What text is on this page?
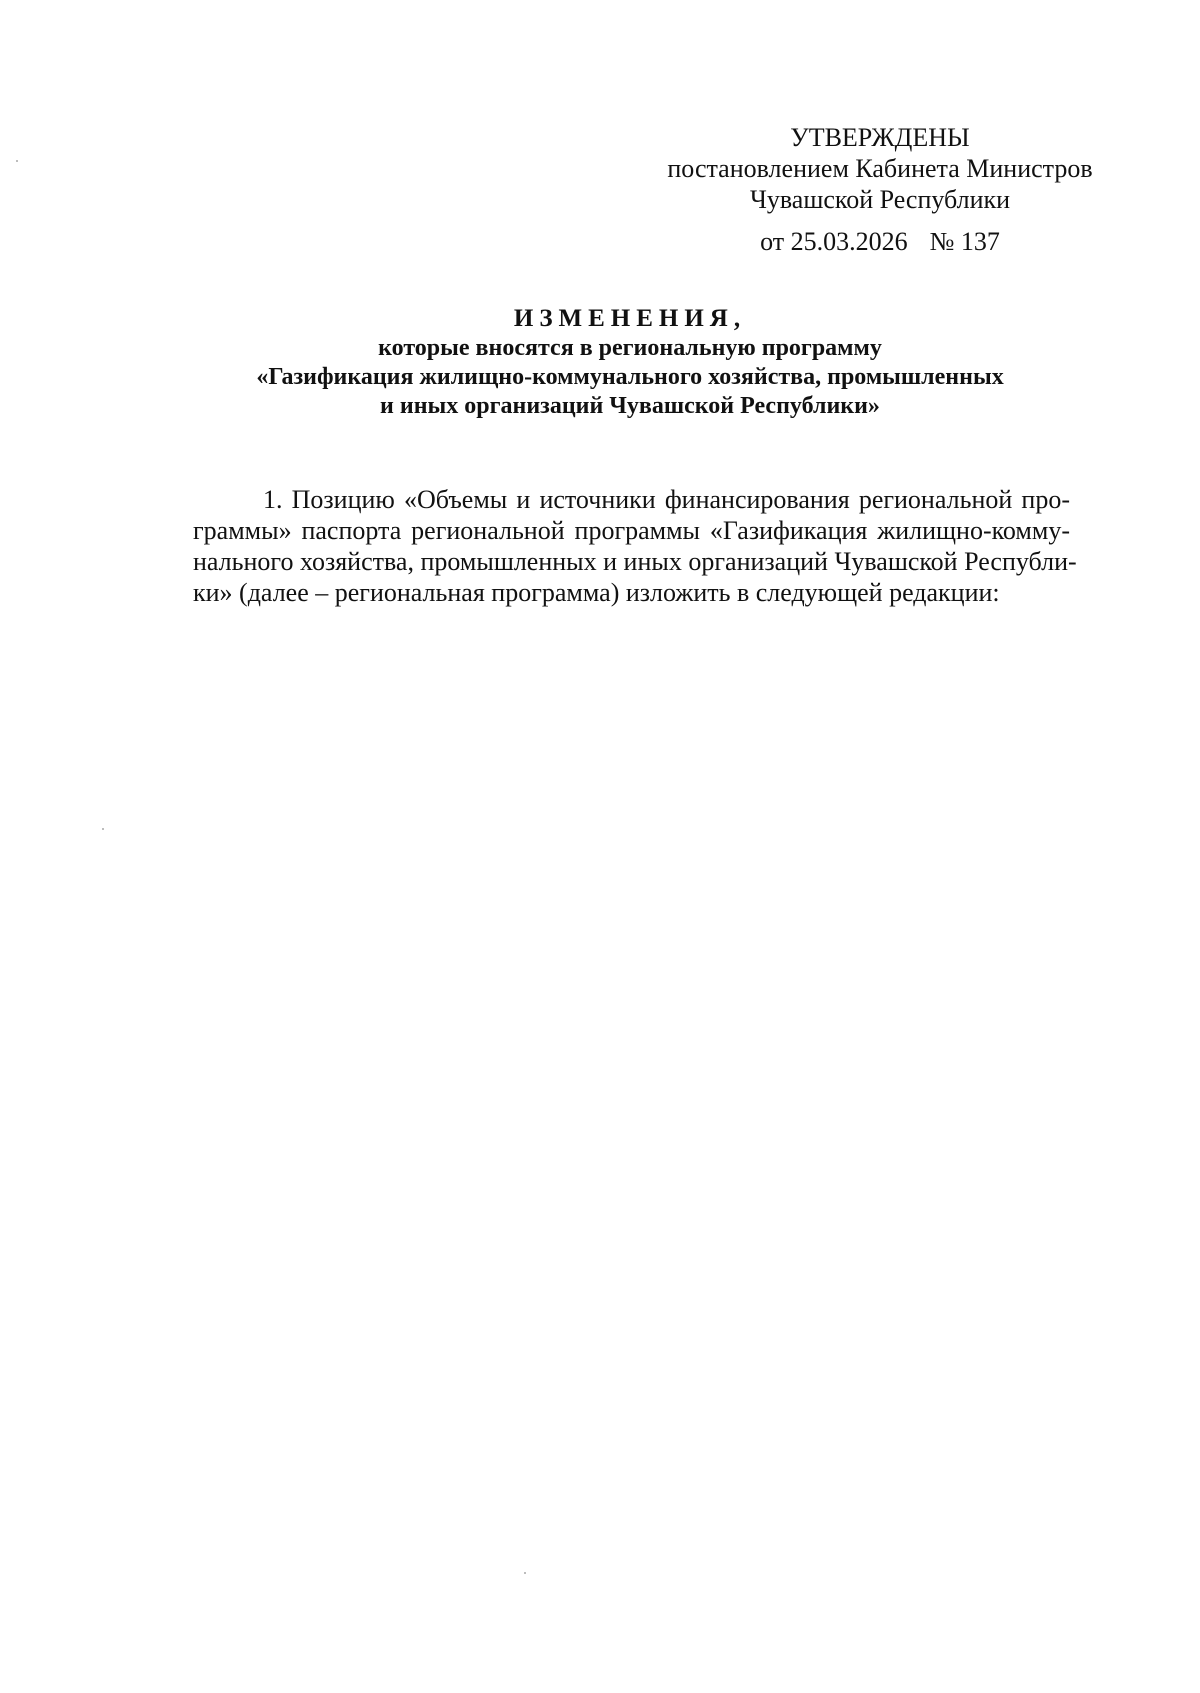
УТВЕРЖДЕНЫ
постановлением Кабинета Министров
Чувашской Республики
от 25.03.2026 № 137
ИЗМЕНЕНИЯ,
которые вносятся в региональную программу
«Газификация жилищно-коммунального хозяйства, промышленных
и иных организаций Чувашской Республики»
1. Позицию «Объемы и источники финансирования региональной про-
граммы» паспорта региональной программы «Газификация жилищно-комму-
нального хозяйства, промышленных и иных организаций Чувашской Республи-
ки» (далее – региональная программа) изложить в следующей редакции:
